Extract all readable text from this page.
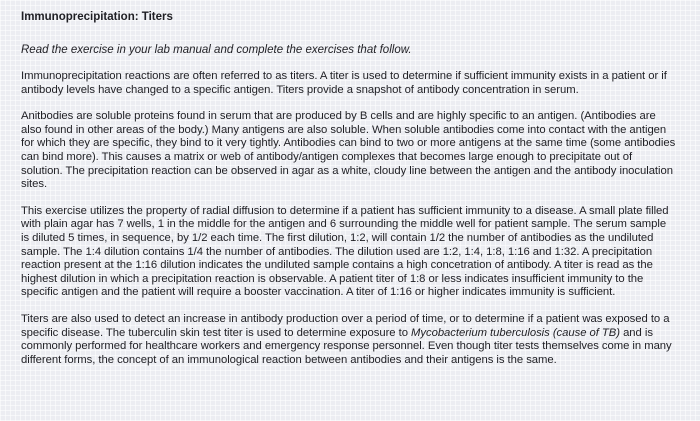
Immunoprecipitation: Titers
Read the exercise in your lab manual and complete the exercises that follow.

Immunoprecipitation reactions are often referred to as titers. A titer is used to determine if sufficient immunity exists in a patient or if antibody levels have changed to a specific antigen. Titers provide a snapshot of antibody concentration in serum.

Anitbodies are soluble proteins found in serum that are produced by B cells and are highly specific to an antigen. (Antibodies are also found in other areas of the body.) Many antigens are also soluble. When soluble antibodies come into contact with the antigen for which they are specific, they bind to it very tightly. Antibodies can bind to two or more antigens at the same time (some antibodies can bind more). This causes a matrix or web of antibody/antigen complexes that becomes large enough to precipitate out of solution. The precipitation reaction can be observed in agar as a white, cloudy line between the antigen and the antibody inoculation sites.

This exercise utilizes the property of radial diffusion to determine if a patient has sufficient immunity to a disease. A small plate filled with plain agar has 7 wells, 1 in the middle for the antigen and 6 surrounding the middle well for patient sample. The serum sample is diluted 5 times, in sequence, by 1/2 each time. The first dilution, 1:2, will contain 1/2 the number of antibodies as the undiluted sample. The 1:4 dilution contains 1/4 the number of antibodies. The dilution used are 1:2, 1:4, 1:8, 1:16 and 1:32. A precipitation reaction present at the 1:16 dilution indicates the undiluted sample contains a high concetration of antibody. A titer is read as the highest dilution in which a precipitation reaction is observable. A patient titer of 1:8 or less indicates insufficient immunity to the specific antigen and the patient will require a booster vaccination. A titer of 1:16 or higher indicates immunity is sufficient.

Titers are also used to detect an increase in antibody production over a period of time, or to determine if a patient was exposed to a specific disease. The tuberculin skin test titer is used to determine exposure to Mycobacterium tuberculosis (cause of TB) and is commonly performed for healthcare workers and emergency response personnel. Even though titer tests themselves come in many different forms, the concept of an immunological reaction between antibodies and their antigens is the same.
